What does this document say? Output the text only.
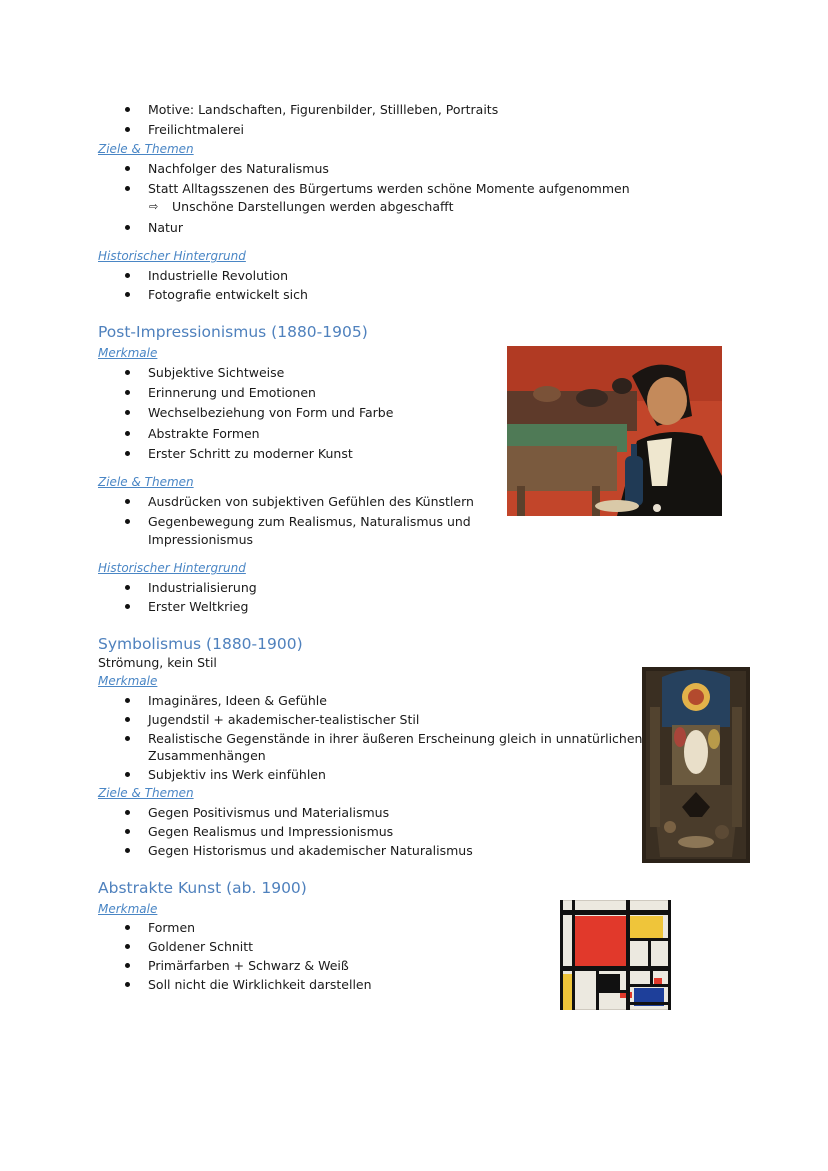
Motive: Landschaften, Figurenbilder, Stillleben, Portraits
Freilichtmalerei
Ziele & Themen
Nachfolger des Naturalismus
Statt Alltagsszenen des Bürgertums werden schöne Momente aufgenommen
⇨ Unschöne Darstellungen werden abgeschafft
Natur
Historischer Hintergrund
Industrielle Revolution
Fotografie entwickelt sich
Post-Impressionismus (1880-1905)
Merkmale
Subjektive Sichtweise
Erinnerung und Emotionen
Wechselbeziehung von Form und Farbe
Abstrakte Formen
Erster Schritt zu moderner Kunst
Ziele & Themen
Ausdrücken von subjektiven Gefühlen des Künstlern
Gegenbewegung zum Realismus, Naturalismus und
Impressionismus
Historischer Hintergrund
Industrialisierung
Erster Weltkrieg
Symbolismus (1880-1900)
Strömung, kein Stil
Merkmale
Imaginäres, Ideen & Gefühle
Jugendstil + akademischer-tealistischer Stil
Realistische Gegenstände in ihrer äußeren Erscheinung gleich in unnatürlichen
Zusammenhängen
Subjektiv ins Werk einfühlen
Ziele & Themen
Gegen Positivismus und Materialismus
Gegen Realismus und Impressionismus
Gegen Historismus und akademischer Naturalismus
Abstrakte Kunst (ab. 1900)
Merkmale
Formen
Goldener Schnitt
Primärfarben + Schwarz & Weiß
Soll nicht die Wirklichkeit darstellen
